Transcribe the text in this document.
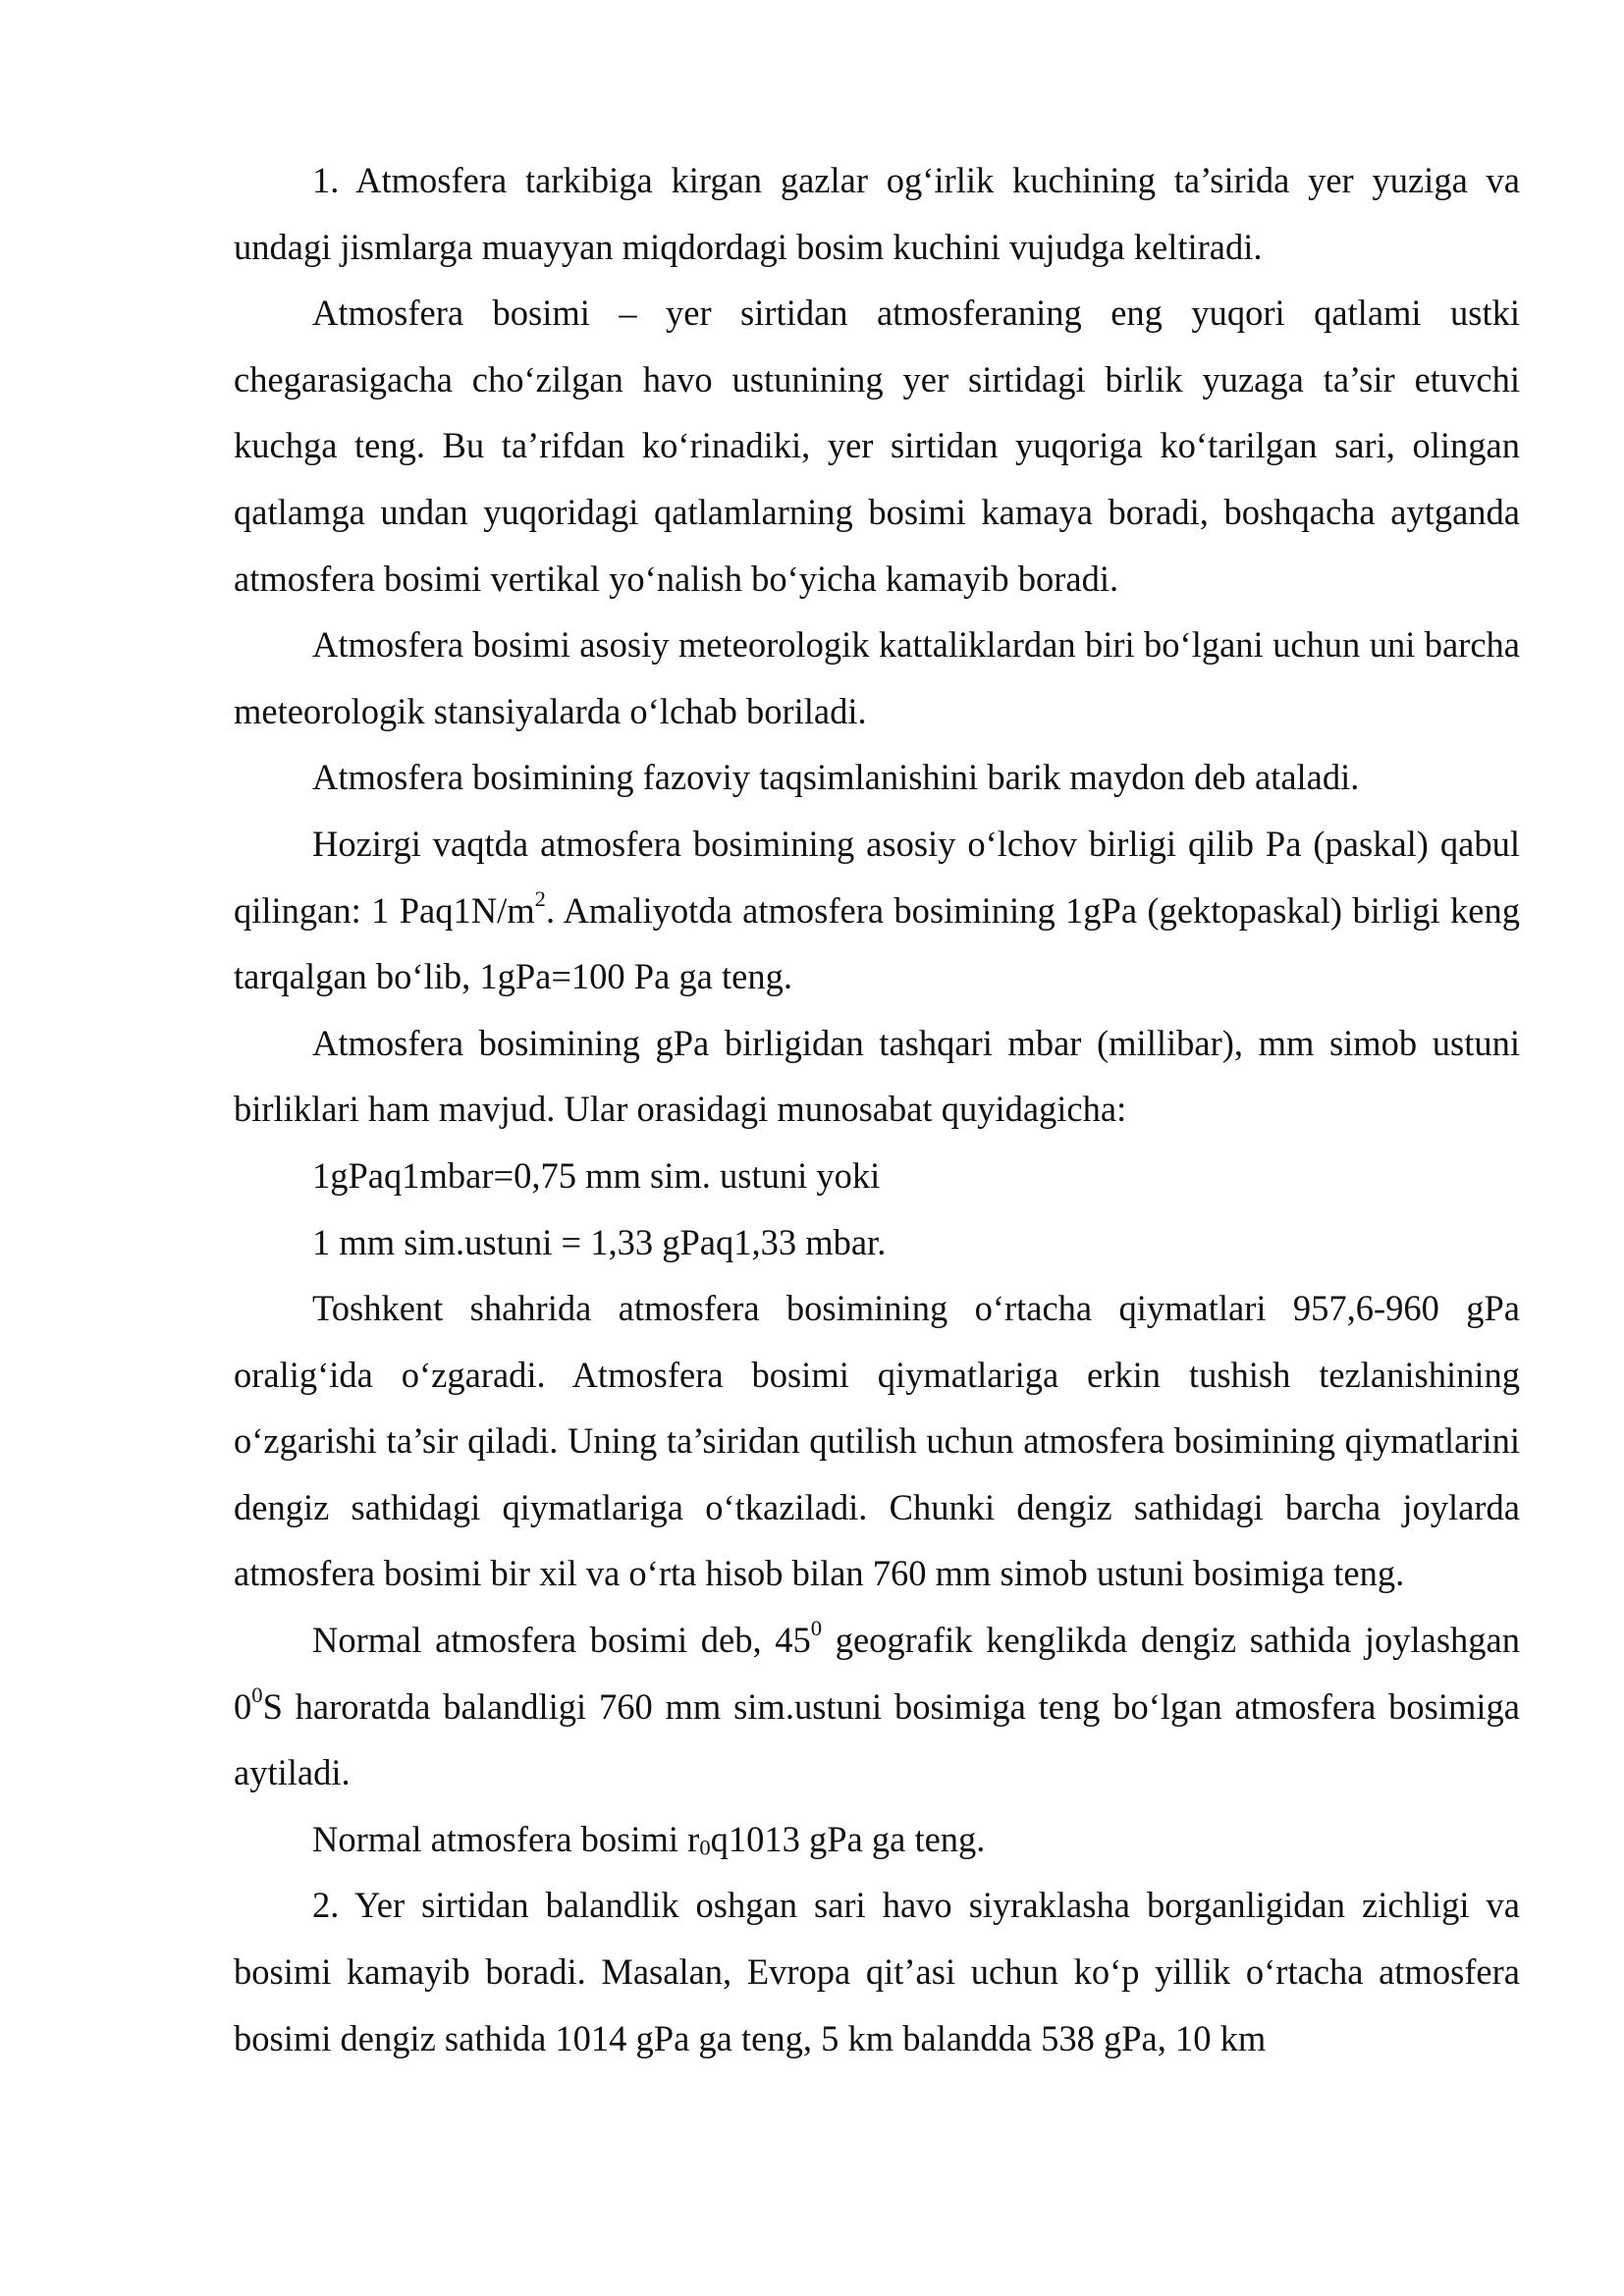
1. Atmosfera tarkibiga kirgan gazlar og‘irlik kuchining ta’sirida yer yuziga va undagi jismlarga muayyan miqdordagi bosim kuchini vujudga keltiradi.

Atmosfera bosimi – yer sirtidan atmosferaning eng yuqori qatlami ustki chegarasigacha cho‘zilgan havo ustunining yer sirtidagi birlik yuzaga ta’sir etuvchi kuchga teng. Bu ta’rifdan ko‘rinadiki, yer sirtidan yuqoriga ko‘tarilgan sari, olingan qatlamga undan yuqoridagi qatlamlarning bosimi kamaya boradi, boshqacha aytganda atmosfera bosimi vertikal yo‘nalish bo‘yicha kamayib boradi.

Atmosfera bosimi asosiy meteorologik kattaliklardan biri bo‘lgani uchun uni barcha meteorologik stansiyalarda o‘lchab boriladi.

Atmosfera bosimining fazoviy taqsimlanishini barik maydon deb ataladi.

Hozirgi vaqtda atmosfera bosimining asosiy o‘lchov birligi qilib Pa (paskal) qabul qilingan: 1 $Paq1N/m^2$. Amaliyotda atmosfera bosimining 1gPa (gektopaskal) birligi keng tarqalgan bo‘lib, 1gPa=100 Pa ga teng.

Atmosfera bosimining gPa birligidan tashqari mbar (millibar), mm simob ustuni birliklari ham mavjud. Ular orasidagi munosabat quyidagicha:

1gPaq1mbar=0,75 mm sim. ustuni yoki

1 mm sim.ustuni = 1,33 gPaq1,33 mbar.

Toshkent shahrida atmosfera bosimining o‘rtacha qiymatlari 957,6-960 gPa oralig‘ida o‘zgaradi. Atmosfera bosimi qiymatlariga erkin tushish tezlanishining o‘zgarishi ta’sir qiladi. Uning ta’siridan qutilish uchun atmosfera bosimining qiymatlarini dengiz sathidagi qiymatlariga o‘tkaziladi. Chunki dengiz sathidagi barcha joylarda atmosfera bosimi bir xil va o‘rta hisob bilan 760 mm simob ustuni bosimiga teng.

Normal atmosfera bosimi deb, $45^0$ geografik kenglikda dengiz sathida joylashgan $0^0S$ haroratda balandligi 760 mm sim.ustuni bosimiga teng bo‘lgan atmosfera bosimiga aytiladi.

Normal atmosfera bosimi $r_0q1013$ gPa ga teng.

2. Yer sirtidan balandlik oshgan sari havo siyraklasha borganligidan zichligi va bosimi kamayib boradi. Masalan, Evropa qit’asi uchun ko‘p yillik o‘rtacha atmosfera bosimi dengiz sathida 1014 gPa ga teng, 5 km balandda 538 gPa, 10 km
